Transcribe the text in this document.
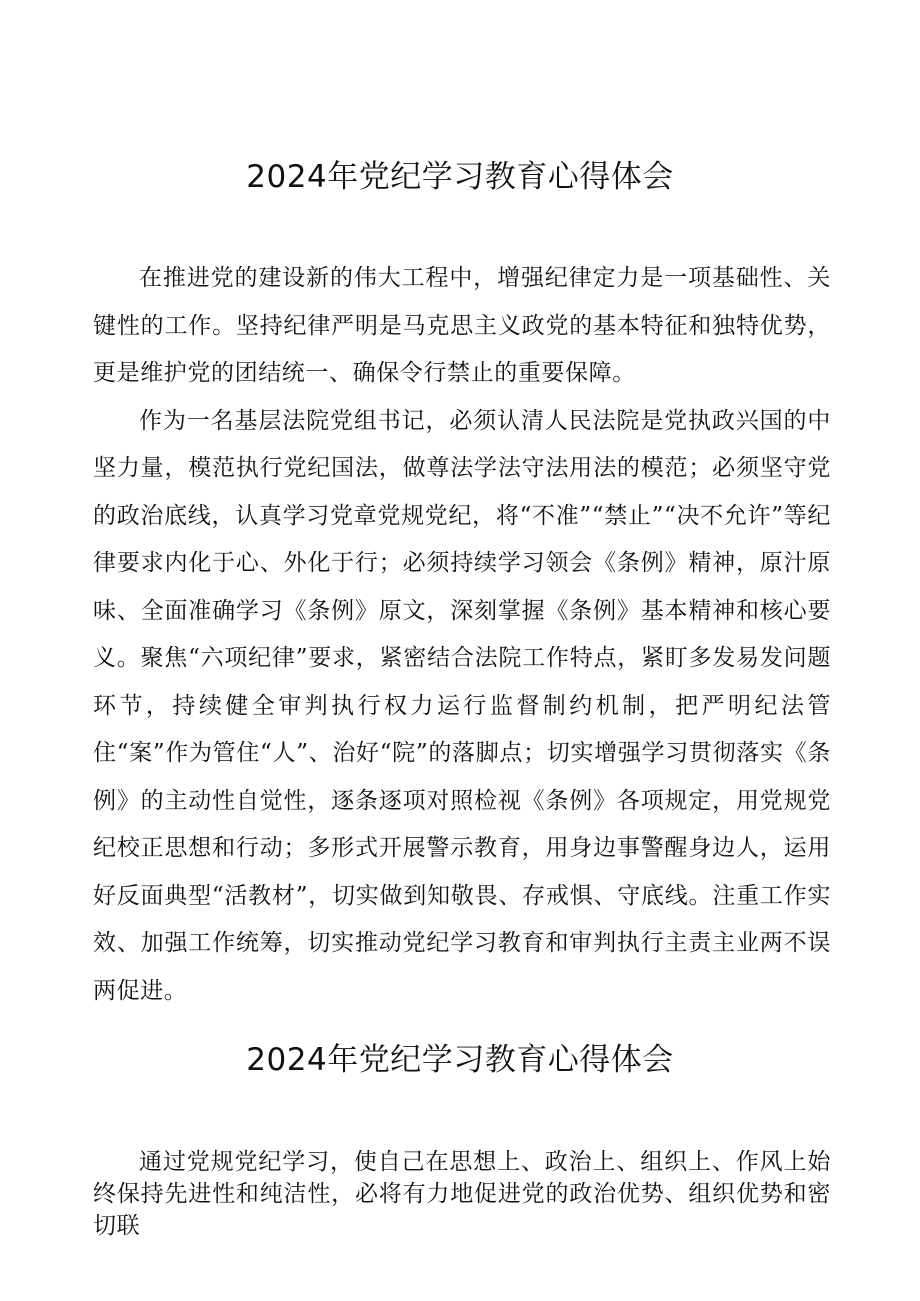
2024年党纪学习教育心得体会

在推进党的建设新的伟大工程中，增强纪律定力是一项基础性、关键性的工作。坚持纪律严明是马克思主义政党的基本特征和独特优势，更是维护党的团结统一、确保令行禁止的重要保障。

作为一名基层法院党组书记，必须认清人民法院是党执政兴国的中坚力量，模范执行党纪国法，做尊法学法守法用法的模范；必须坚守党的政治底线，认真学习党章党规党纪，将“不准”“禁止”“决不允许”等纪律要求内化于心、外化于行；必须持续学习领会《条例》精神，原汁原味、全面准确学习《条例》原文，深刻掌握《条例》基本精神和核心要义。聚焦“六项纪律”要求，紧密结合法院工作特点，紧盯多发易发问题环节，持续健全审判执行权力运行监督制约机制，把严明纪法管住“案”作为管住“人”、治好“院”的落脚点；切实增强学习贯彻落实《条例》的主动性自觉性，逐条逐项对照检视《条例》各项规定，用党规党纪校正思想和行动；多形式开展警示教育，用身边事警醒身边人，运用好反面典型“活教材”，切实做到知敬畏、存戒惧、守底线。注重工作实效、加强工作统筹，切实推动党纪学习教育和审判执行主责主业两不误两促进。

2024年党纪学习教育心得体会

通过党规党纪学习，使自己在思想上、政治上、组织上、作风上始终保持先进性和纯洁性，必将有力地促进党的政治优势、组织优势和密切联
